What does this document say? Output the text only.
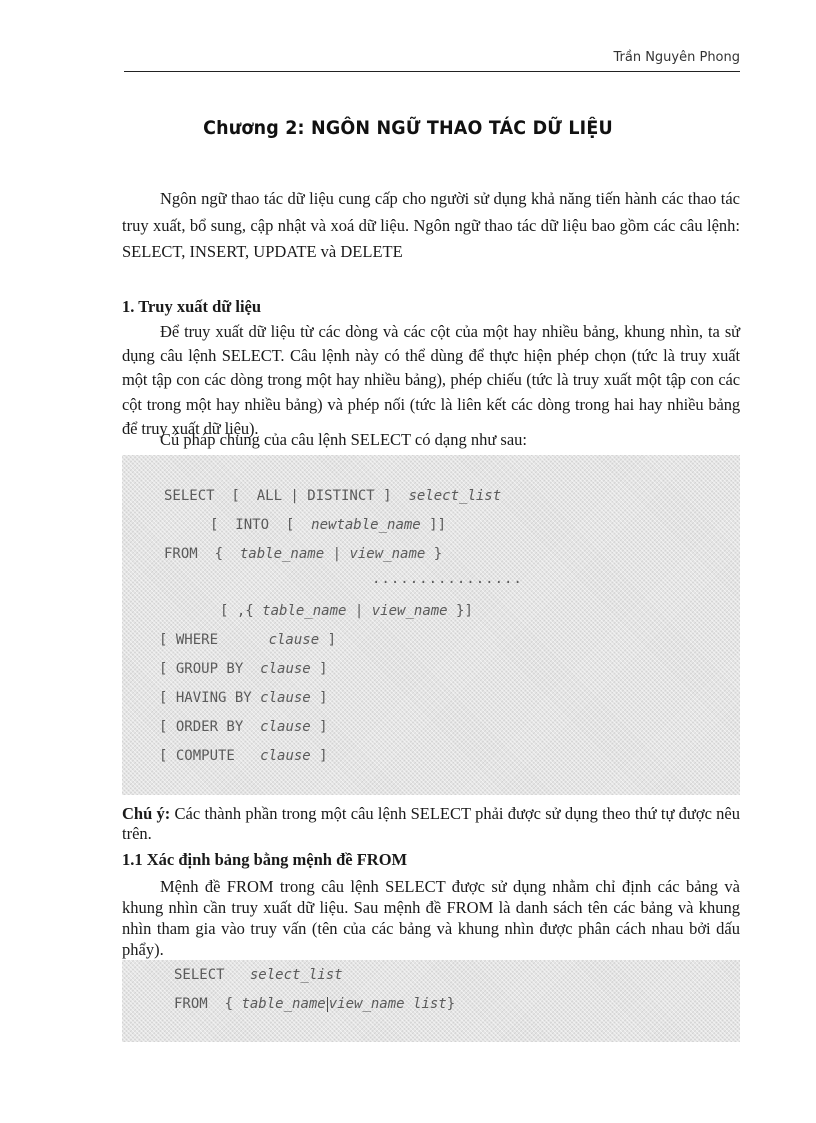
Trần Nguyên Phong
Chương 2: NGÔN NGỮ THAO TÁC DỮ LIỆU
Ngôn ngữ thao tác dữ liệu cung cấp cho người sử dụng khả năng tiến hành các thao tác truy xuất, bổ sung, cập nhật và xoá dữ liệu. Ngôn ngữ thao tác dữ liệu bao gồm các câu lệnh: SELECT, INSERT, UPDATE và DELETE
1. Truy xuất dữ liệu
Để truy xuất dữ liệu từ các dòng và các cột của một hay nhiều bảng, khung nhìn, ta sử dụng câu lệnh SELECT. Câu lệnh này có thể dùng để thực hiện phép chọn (tức là truy xuất một tập con các dòng trong một hay nhiều bảng), phép chiếu (tức là truy xuất một tập con các cột trong một hay nhiều bảng) và phép nối (tức là liên kết các dòng trong hai hay nhiều bảng để truy xuất dữ liệu).
Cú pháp chung của câu lệnh SELECT có dạng như sau:
SELECT  [  ALL | DISTINCT ]  select_list
[  INTO  [  newtable_name ]]
FROM  {  table_name | view_name }
................
[ ,{ table_name | view_name }]
[ WHERE      clause ]
[ GROUP BY  clause ]
[ HAVING BY clause ]
[ ORDER BY  clause ]
[ COMPUTE   clause ]
Chú ý: Các thành phần trong một câu lệnh SELECT phải được sử dụng theo thứ tự được nêu trên.
1.1 Xác định bảng bằng mệnh đề FROM
Mệnh đề FROM trong câu lệnh SELECT được sử dụng nhằm chỉ định các bảng và khung nhìn cần truy xuất dữ liệu. Sau mệnh đề FROM là danh sách tên các bảng và khung nhìn tham gia vào truy vấn (tên của các bảng và khung nhìn được phân cách nhau bởi dấu phẩy).
SELECT   select_list
FROM  { table_name view_name list}
